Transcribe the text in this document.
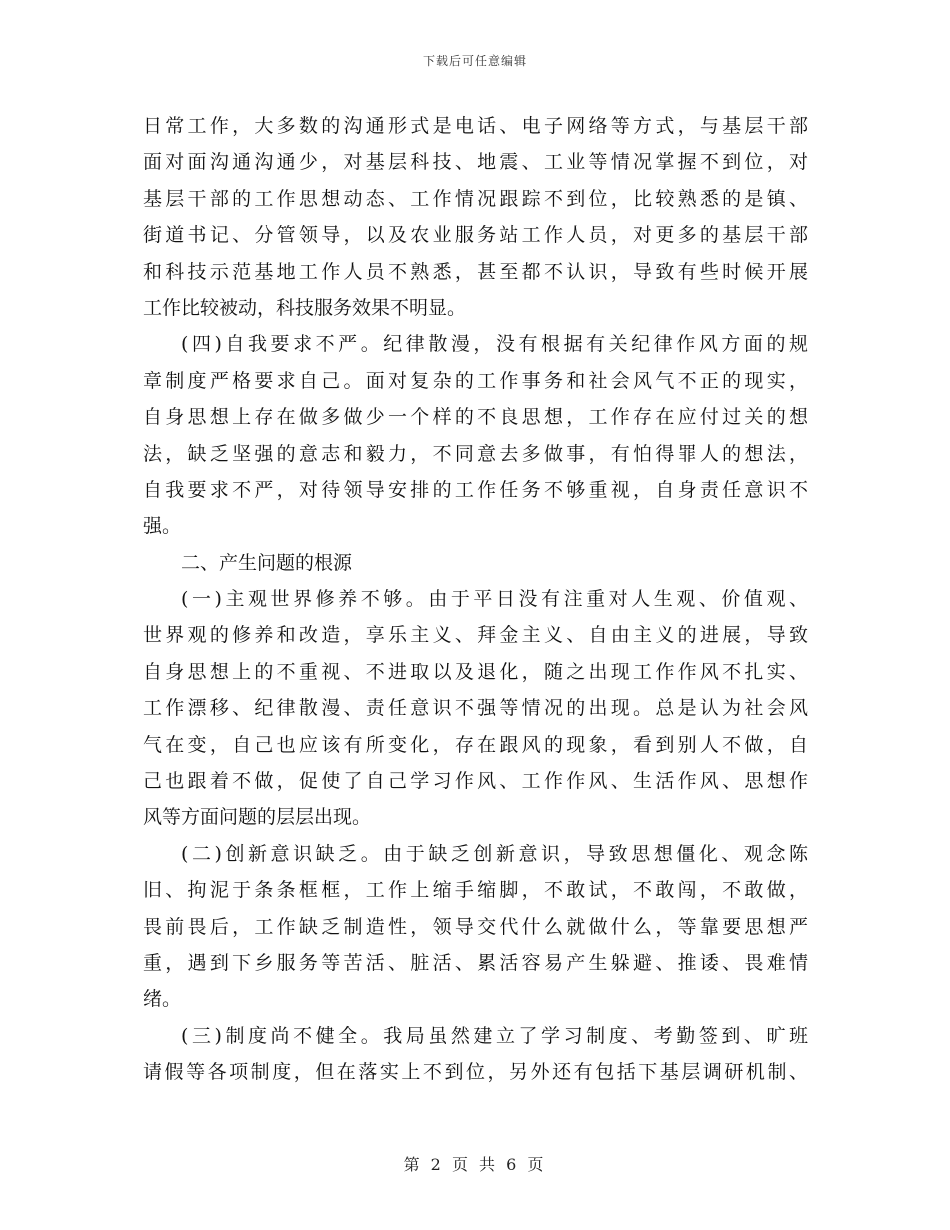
下载后可任意编辑
日常工作，大多数的沟通形式是电话、电子网络等方式，与基层干部
面对面沟通沟通少，对基层科技、地震、工业等情况掌握不到位，对
基层干部的工作思想动态、工作情况跟踪不到位，比较熟悉的是镇、
街道书记、分管领导，以及农业服务站工作人员，对更多的基层干部
和科技示范基地工作人员不熟悉，甚至都不认识，导致有些时候开展
工作比较被动，科技服务效果不明显。
(四)自我要求不严。纪律散漫，没有根据有关纪律作风方面的规
章制度严格要求自己。面对复杂的工作事务和社会风气不正的现实，
自身思想上存在做多做少一个样的不良思想，工作存在应付过关的想
法，缺乏坚强的意志和毅力，不同意去多做事，有怕得罪人的想法，
自我要求不严，对待领导安排的工作任务不够重视，自身责任意识不
强。
二、产生问题的根源
(一)主观世界修养不够。由于平日没有注重对人生观、价值观、
世界观的修养和改造，享乐主义、拜金主义、自由主义的进展，导致
自身思想上的不重视、不进取以及退化，随之出现工作作风不扎实、
工作漂移、纪律散漫、责任意识不强等情况的出现。总是认为社会风
气在变，自己也应该有所变化，存在跟风的现象，看到别人不做，自
己也跟着不做，促使了自己学习作风、工作作风、生活作风、思想作
风等方面问题的层层出现。
(二)创新意识缺乏。由于缺乏创新意识，导致思想僵化、观念陈
旧、拘泥于条条框框，工作上缩手缩脚，不敢试，不敢闯，不敢做，
畏前畏后，工作缺乏制造性，领导交代什么就做什么，等靠要思想严
重，遇到下乡服务等苦活、脏活、累活容易产生躲避、推诿、畏难情
绪。
(三)制度尚不健全。我局虽然建立了学习制度、考勤签到、旷班
请假等各项制度，但在落实上不到位，另外还有包括下基层调研机制、
第 2 页 共 6 页
